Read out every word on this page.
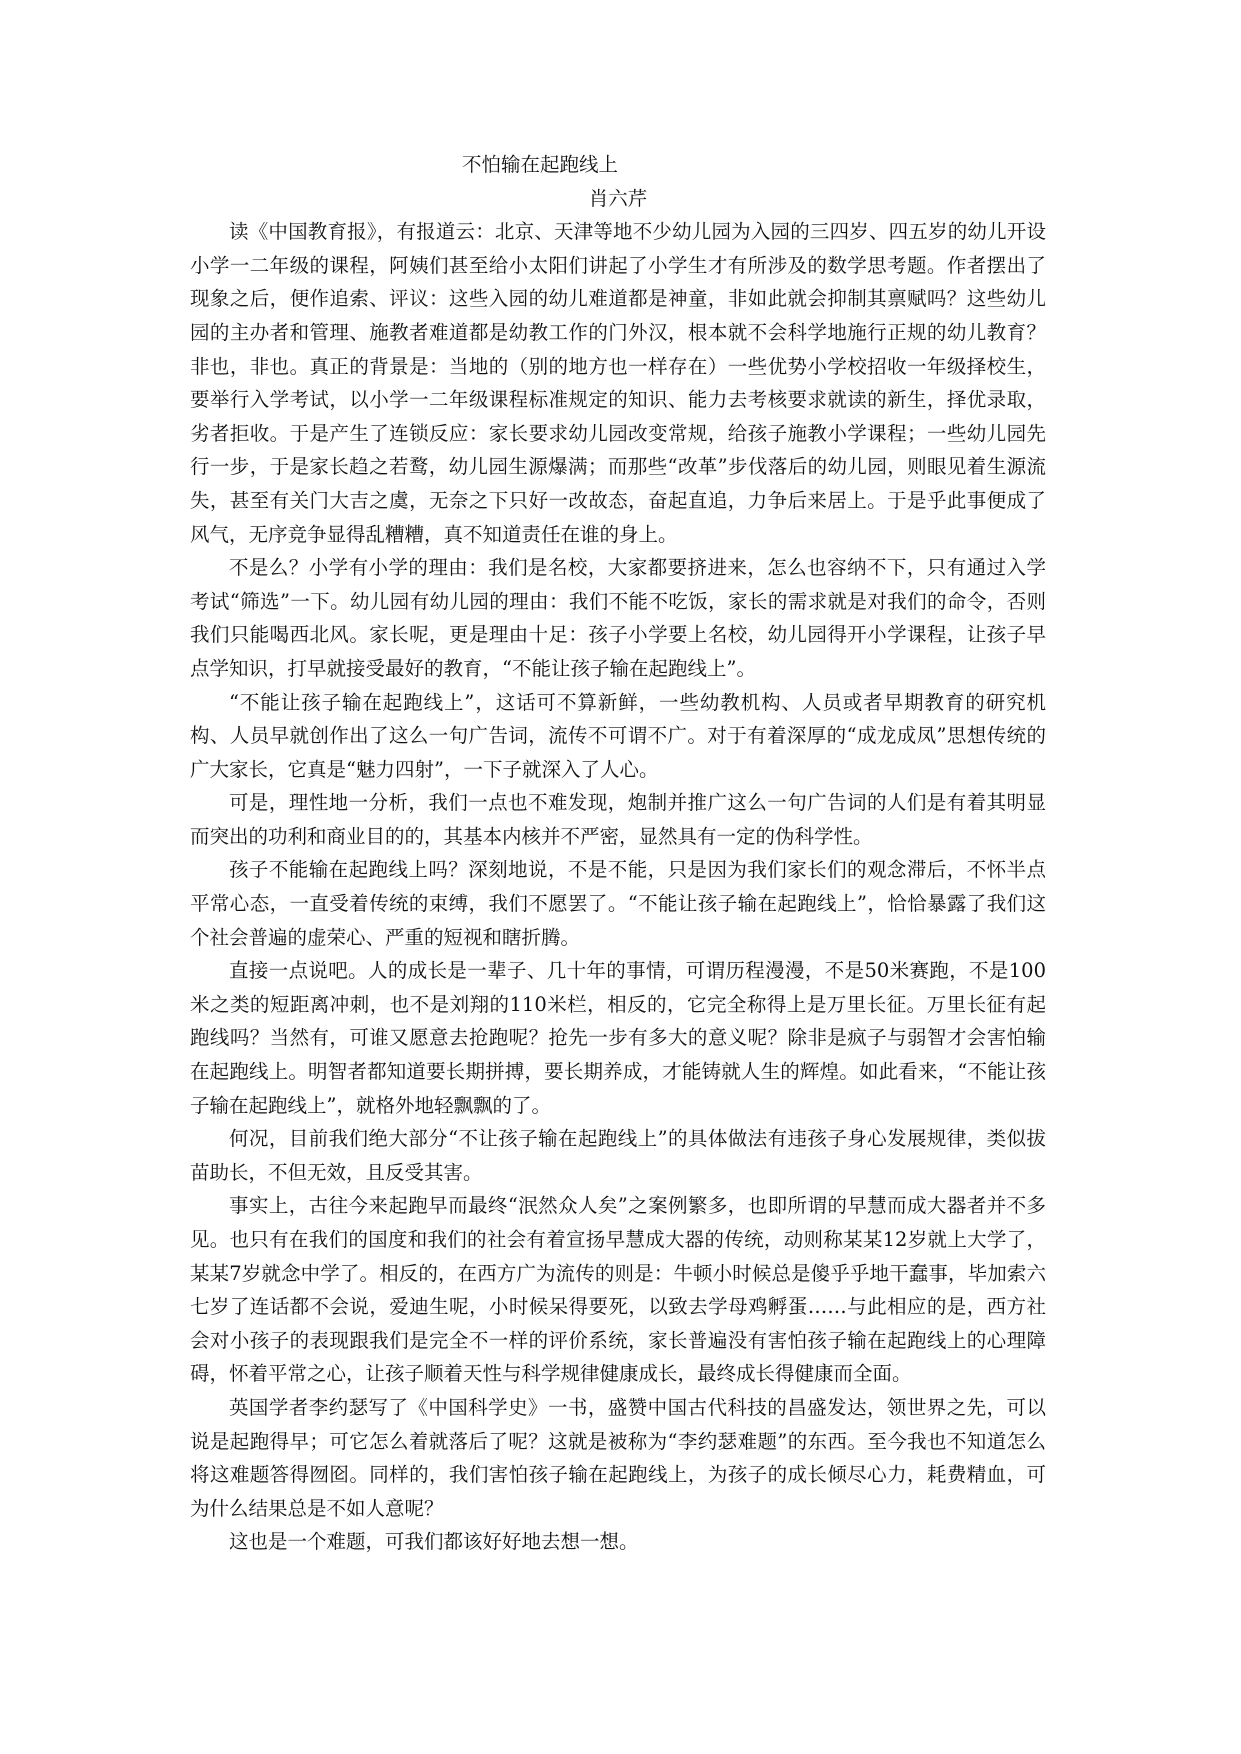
不怕输在起跑线上
肖六芹

读《中国教育报》，有报道云：北京、天津等地不少幼儿园为入园的三四岁、四五岁的幼儿开设小学一二年级的课程，阿姨们甚至给小太阳们讲起了小学生才有所涉及的数学思考题。作者摆出了现象之后，便作追索、评议：这些入园的幼儿难道都是神童，非如此就会抑制其禀赋吗？这些幼儿园的主办者和管理、施教者难道都是幼教工作的门外汉，根本就不会科学地施行正规的幼儿教育？非也，非也。真正的背景是：当地的（别的地方也一样存在）一些优势小学校招收一年级择校生，要举行入学考试，以小学一二年级课程标准规定的知识、能力去考核要求就读的新生，择优录取，劣者拒收。于是产生了连锁反应：家长要求幼儿园改变常规，给孩子施教小学课程；一些幼儿园先行一步，于是家长趋之若鹜，幼儿园生源爆满；而那些“改革”步伐落后的幼儿园，则眼见着生源流失，甚至有关门大吉之虞，无奈之下只好一改故态，奋起直追，力争后来居上。于是乎此事便成了风气，无序竞争显得乱糟糟，真不知道责任在谁的身上。

不是么？小学有小学的理由：我们是名校，大家都要挤进来，怎么也容纳不下，只有通过入学考试“筛选”一下。幼儿园有幼儿园的理由：我们不能不吃饭，家长的需求就是对我们的命令，否则我们只能喝西北风。家长呢，更是理由十足：孩子小学要上名校，幼儿园得开小学课程，让孩子早点学知识，打早就接受最好的教育，“不能让孩子输在起跑线上”。

“不能让孩子输在起跑线上”，这话可不算新鲜，一些幼教机构、人员或者早期教育的研究机构、人员早就创作出了这么一句广告词，流传不可谓不广。对于有着深厚的“成龙成凤”思想传统的广大家长，它真是“魅力四射”，一下子就深入了人心。

可是，理性地一分析，我们一点也不难发现，炮制并推广这么一句广告词的人们是有着其明显而突出的功利和商业目的的，其基本内核并不严密，显然具有一定的伪科学性。

孩子不能输在起跑线上吗？深刻地说，不是不能，只是因为我们家长们的观念滞后，不怀半点平常心态，一直受着传统的束缚，我们不愿罢了。“不能让孩子输在起跑线上”，恰恰暴露了我们这个社会普遍的虚荣心、严重的短视和瞎折腾。

直接一点说吧。人的成长是一辈子、几十年的事情，可谓历程漫漫，不是50米赛跑，不是100米之类的短距离冲刺，也不是刘翔的110米栏，相反的，它完全称得上是万里长征。万里长征有起跑线吗？当然有，可谁又愿意去抢跑呢？抢先一步有多大的意义呢？除非是疯子与弱智才会害怕输在起跑线上。明智者都知道要长期拼搏，要长期养成，才能铸就人生的辉煌。如此看来，“不能让孩子输在起跑线上”，就格外地轻飘飘的了。

何况，目前我们绝大部分“不让孩子输在起跑线上”的具体做法有违孩子身心发展规律，类似拔苗助长，不但无效，且反受其害。

事实上，古往今来起跑早而最终“泯然众人矣”之案例繁多，也即所谓的早慧而成大器者并不多见。也只有在我们的国度和我们的社会有着宣扬早慧成大器的传统，动则称某某12岁就上大学了，某某7岁就念中学了。相反的，在西方广为流传的则是：牛顿小时候总是傻乎乎地干蠢事，毕加索六七岁了连话都不会说，爱迪生呢，小时候呆得要死，以致去学母鸡孵蛋……与此相应的是，西方社会对小孩子的表现跟我们是完全不一样的评价系统，家长普遍没有害怕孩子输在起跑线上的心理障碍，怀着平常之心，让孩子顺着天性与科学规律健康成长，最终成长得健康而全面。

英国学者李约瑟写了《中国科学史》一书，盛赞中国古代科技的昌盛发达，领世界之先，可以说是起跑得早；可它怎么着就落后了呢？这就是被称为“李约瑟难题”的东西。至今我也不知道怎么将这难题答得囫囵。同样的，我们害怕孩子输在起跑线上，为孩子的成长倾尽心力，耗费精血，可为什么结果总是不如人意呢？

这也是一个难题，可我们都该好好地去想一想。
